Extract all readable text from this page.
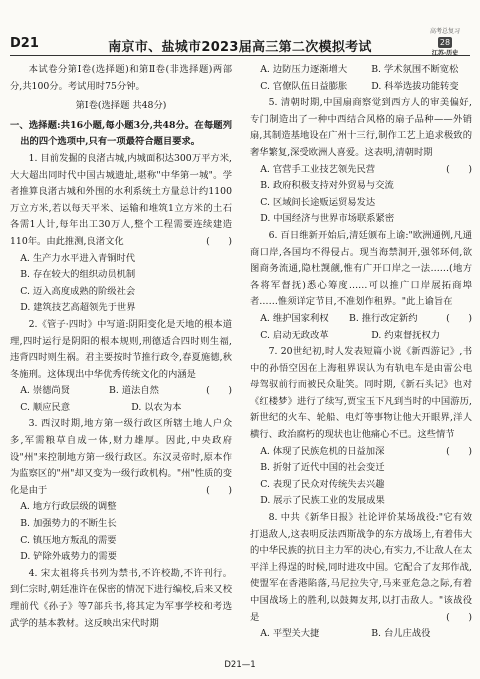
D21	南京市、盐城市2023届高三第二次模拟考试
高考总复习28
江苏·历史

本试卷分第Ⅰ卷(选择题)和第Ⅱ卷(非选择题)两部分,共100分。考试用时75分钟。

第Ⅰ卷(选择题 共48分)

一、选择题:共16小题,每小题3分,共48分。在每题列出的四个选项中,只有一项最符合题目要求。

1. 目前发掘的良渚古城,内城面积达300万平方米,大大超出同时代中国古城遗址,堪称"中华第一城"。学者推算良渚古城和外围的水利系统土方量总计约1100万立方米,若以每天平米、运输和堆筑1立方米的土石各需1人计,每年出工30万人,整个工程需要连续建造110年。由此推测,良渚文化	(　　)

A. 生产力水平进入青铜时代

B. 存在较大的组织动员机制

C. 迈入高度成熟的阶级社会

D. 建筑技艺高超领先于世界

2.《管子·四时》中写道:阴阳变化是天地的根本道理,四时运行是阴阳的根本规则,刑德适合四时则生福,违背四时则生祸。君主要按时节推行政令,春夏施德,秋冬施刑。这体现出中华优秀传统文化的内涵是
(　　)

A. 崇德尚贤	B. 道法自然
C. 顺应民意	D. 以农为本

3. 西汉时期,地方第一级行政区所辖土地人户众多,军需粮草自成一体,财力雄厚。因此,中央政府设"州"来控制地方第一级行政区。东汉灵帝时,原本作为监察区的"州"却又变为一级行政机构。"州"性质的变化是由于	(　　)

A. 地方行政层级的调整

B. 加强势力的不断生长

C. 镇压地方叛乱的需要

D. 铲除外戚势力的需要

4. 宋太祖将兵书列为禁书,不许校勘,不许刊行。到仁宗时,朝廷准许在保密的情况下进行编校,后来又校理前代《孙子》等7部兵书,将其定为军事学校和考选武学的基本教材。这反映出宋代时期

A. 边防压力逐渐增大	B. 学术氛围不断宽松
C. 官僚队伍日益膨胀	D. 科举选拔功能转变

5. 清朝时期,中国扇商察觉到西方人的审美偏好,专门制造出了一种中西结合风格的扇子品种——外销扇,其制造基地设在广州十三行,制作工艺上追求极致的奢华繁复,深受欧洲人喜爱。这表明,清朝时期
(　　)

A. 官营手工业技艺领先民营

B. 政府积极支持对外贸易与交流

C. 区域间长途贩运贸易发达

D. 中国经济与世界市场联系紧密

6. 百日维新开始后,清廷颁布上谕:"欧洲通例,凡通商口岸,各国均不得侵占。现当海禁洞开,强邻环伺,欲图商务流通,隐杜觊觎,惟有广开口岸之一法……(地方各将军督抚)悉心筹度……可以推广口岸展拓商埠者……惟须详定节目,不准划作租界。"此上谕旨在
(　　)

A. 维护国家利权	B. 推行改定新约
C. 启动无政改革	D. 约束督抚权力

7. 20世纪初,时人发表短篇小说《新西游记》,书中的孙悟空因在上海租界误认为有轨电车是由雷公电母驾驭前行而被民众耻笑。同时期,《新石头记》也对《红楼梦》进行了续写,贾宝玉下凡到当时的中国游历,新世纪的火车、轮船、电灯等事物让他大开眼界,洋人横行、政治腐朽的现状也让他痛心不已。这些情节
(　　)

A. 体现了民族危机的日益加深

B. 折射了近代中国的社会变迁

C. 表现了民众对传统失去兴趣

D. 展示了民族工业的发展成果

8. 中共《新华日报》社论评价某场战役:"它有效打退敌人,这表明反法西斯战争的东方战场上,有着伟大的中华民族的抗日主力军的决心,有实力,不让敌人在太平洋上得逞的时候,同时进攻中国。它配合了友邦作战,使盟军在香港陷落,马尼拉失守,马来亚危急之际,有着中国战场上的胜利,以鼓舞友邦,以打击敌人。"该战役是	(　　)

A. 平型关大捷	B. 台儿庄战役
D21—1
